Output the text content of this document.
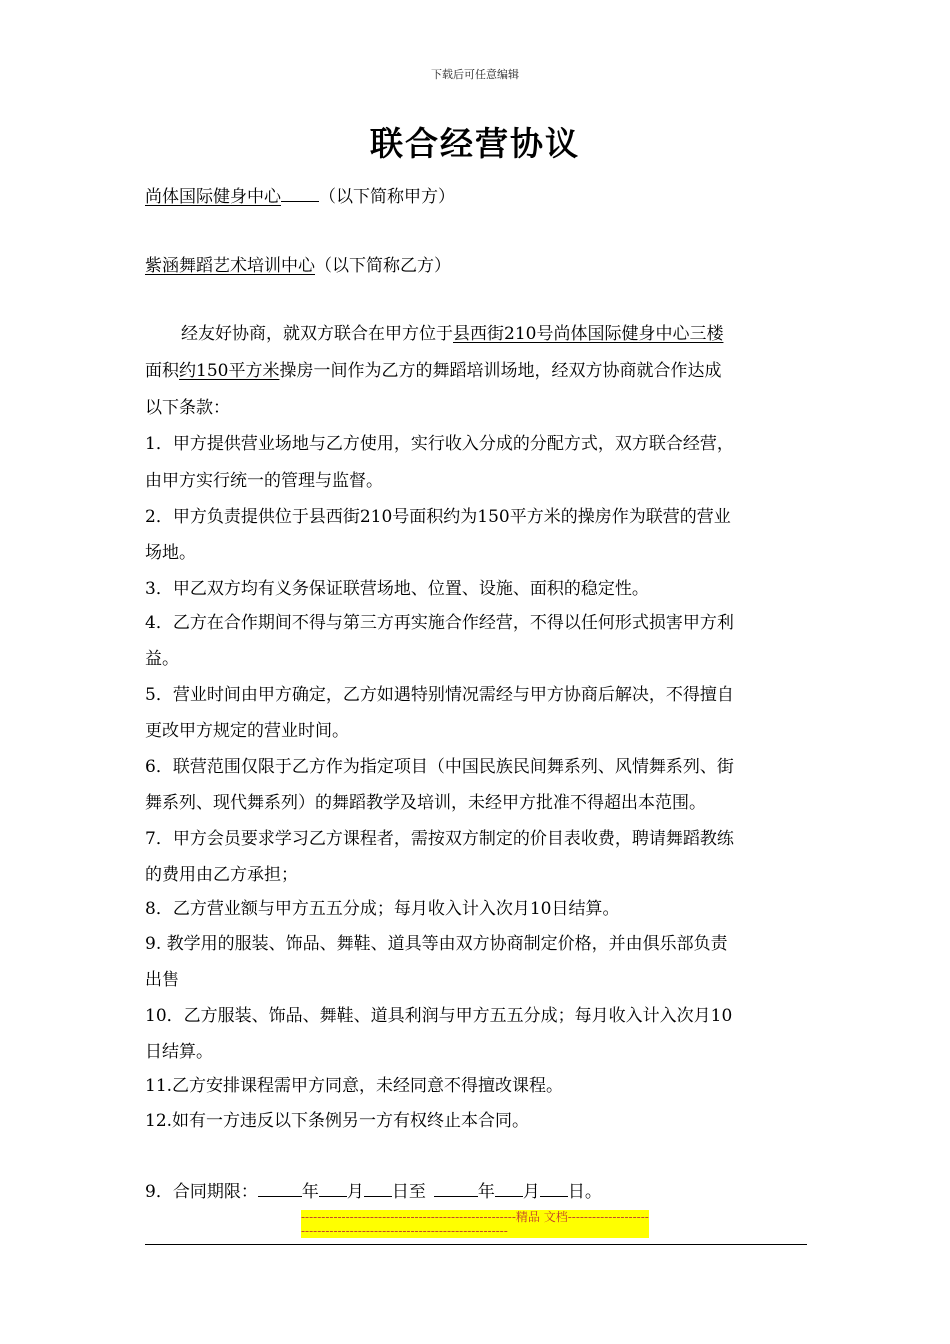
下载后可任意编辑
联合经营协议
尚体国际健身中心 （以下简称甲方）
紫涵舞蹈艺术培训中心（以下简称乙方）
经友好协商，就双方联合在甲方位于县西街210号尚体国际健身中心三楼
面积约150平方米操房一间作为乙方的舞蹈培训场地，经双方协商就合作达成
以下条款：
1．甲方提供营业场地与乙方使用，实行收入分成的分配方式，双方联合经营，
由甲方实行统一的管理与监督。
2．甲方负责提供位于县西街210号面积约为150平方米的操房作为联营的营业
场地。
3．甲乙双方均有义务保证联营场地、位置、设施、面积的稳定性。
4．乙方在合作期间不得与第三方再实施合作经营，不得以任何形式损害甲方利
益。
5．营业时间由甲方确定，乙方如遇特别情况需经与甲方协商后解决，不得擅自
更改甲方规定的营业时间。
6．联营范围仅限于乙方作为指定项目（中国民族民间舞系列、风情舞系列、街
舞系列、现代舞系列）的舞蹈教学及培训，未经甲方批准不得超出本范围。
7．甲方会员要求学习乙方课程者，需按双方制定的价目表收费，聘请舞蹈教练
的费用由乙方承担；
8．乙方营业额与甲方五五分成；每月收入计入次月10日结算。
9. 教学用的服装、饰品、舞鞋、道具等由双方协商制定价格，并由俱乐部负责
出售
10．乙方服装、饰品、舞鞋、道具利润与甲方五五分成；每月收入计入次月10
日结算。
11.乙方安排课程需甲方同意，未经同意不得擅改课程。
12.如有一方违反以下条例另一方有权终止本合同。
9．合同期限：	年 月 日至	年 月 日。
-----------------------------------------------------精品 文档-----------------------------------------------------------------------
